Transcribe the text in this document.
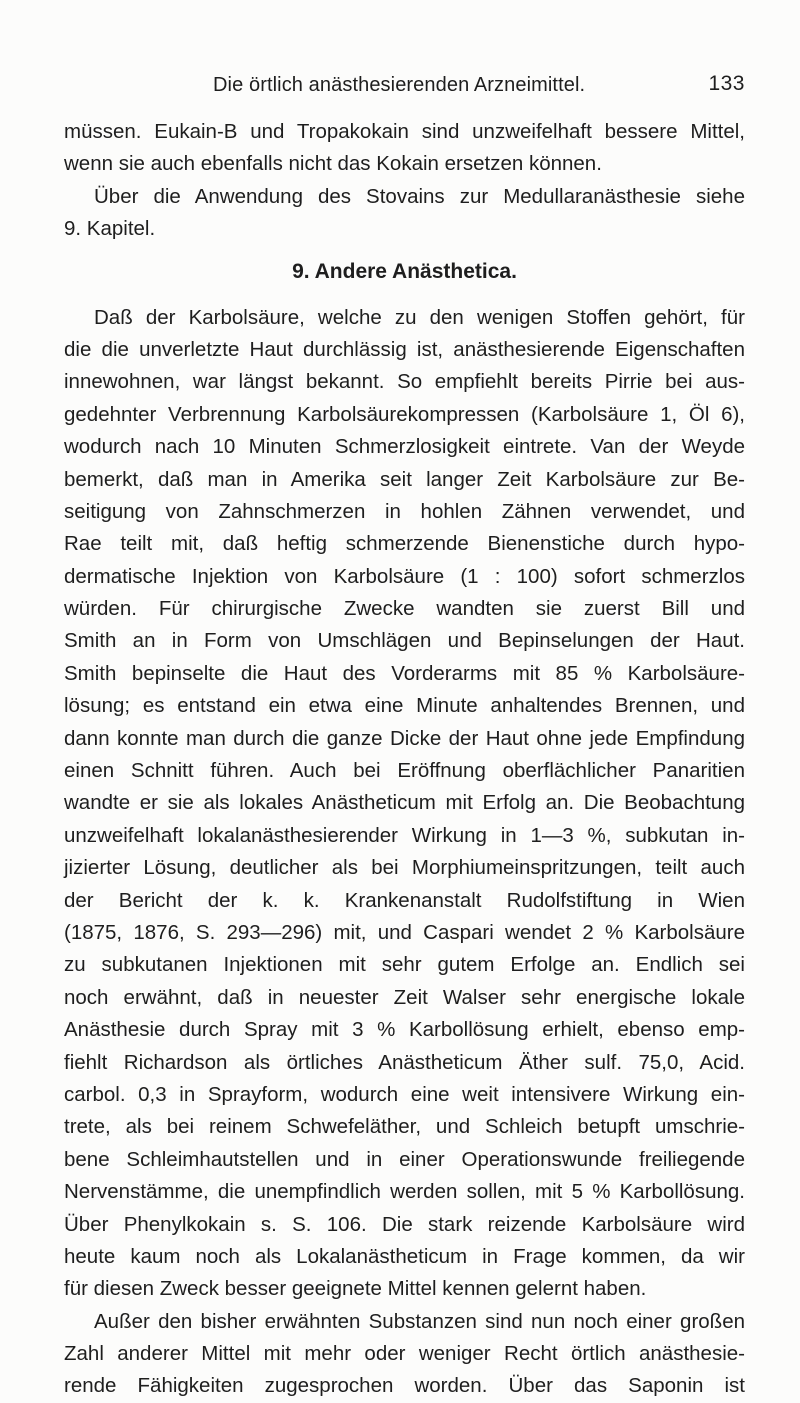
Die örtlich anästhesierenden Arzneimittel.	133
müssen. Eukain-B und Tropakokain sind unzweifelhaft bessere Mittel,
wenn sie auch ebenfalls nicht das Kokain ersetzen können.
Über die Anwendung des Stovains zur Medullaranästhesie siehe
9. Kapitel.
9. Andere Anästhetica.
Daß der Karbolsäure, welche zu den wenigen Stoffen gehört, für
die die unverletzte Haut durchlässig ist, anästhesierende Eigenschaften
innewohnen, war längst bekannt. So empfiehlt bereits Pirrie bei aus-
gedehnter Verbrennung Karbolsäurekompressen (Karbolsäure 1, Öl 6),
wodurch nach 10 Minuten Schmerzlosigkeit eintrete. Van der Weyde
bemerkt, daß man in Amerika seit langer Zeit Karbolsäure zur Be-
seitigung von Zahnschmerzen in hohlen Zähnen verwendet, und
Rae teilt mit, daß heftig schmerzende Bienenstiche durch hypo-
dermatische Injektion von Karbolsäure (1 : 100) sofort schmerzlos
würden. Für chirurgische Zwecke wandten sie zuerst Bill und
Smith an in Form von Umschlägen und Bepinselungen der Haut.
Smith bepinselte die Haut des Vorderarms mit 85 % Karbolsäure-
lösung; es entstand ein etwa eine Minute anhaltendes Brennen, und
dann konnte man durch die ganze Dicke der Haut ohne jede Empfindung
einen Schnitt führen. Auch bei Eröffnung oberflächlicher Panaritien
wandte er sie als lokales Anästheticum mit Erfolg an. Die Beobachtung
unzweifelhaft lokalanästhesierender Wirkung in 1—3 %, subkutan in-
jizierter Lösung, deutlicher als bei Morphiumeinspritzungen, teilt auch
der Bericht der k. k. Krankenanstalt Rudolfstiftung in Wien
(1875, 1876, S. 293—296) mit, und Caspari wendet 2 % Karbolsäure
zu subkutanen Injektionen mit sehr gutem Erfolge an. Endlich sei
noch erwähnt, daß in neuester Zeit Walser sehr energische lokale
Anästhesie durch Spray mit 3 % Karbollösung erhielt, ebenso emp-
fiehlt Richardson als örtliches Anästheticum Äther sulf. 75,0, Acid.
carbol. 0,3 in Sprayform, wodurch eine weit intensivere Wirkung ein-
trete, als bei reinem Schwefeläther, und Schleich betupft umschrie-
bene Schleimhautstellen und in einer Operationswunde freiliegende
Nervenstämme, die unempfindlich werden sollen, mit 5 % Karbollösung.
Über Phenylkokain s. S. 106. Die stark reizende Karbolsäure wird
heute kaum noch als Lokalanästheticum in Frage kommen, da wir
für diesen Zweck besser geeignete Mittel kennen gelernt haben.
Außer den bisher erwähnten Substanzen sind nun noch einer großen
Zahl anderer Mittel mit mehr oder weniger Recht örtlich anästhesie-
rende Fähigkeiten zugesprochen worden. Über das Saponin ist
